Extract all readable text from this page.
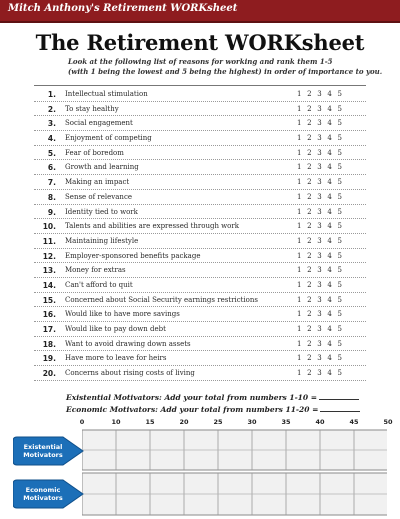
Mitch Anthony's Retirement WORKsheet
The Retirement WORKsheet
Look at the following list of reasons for working and rank them 1-5
(with 1 being the lowest and 5 being the highest) in order of importance to you.
1. Intellectual stimulation	1 2 3 4 5
2. To stay healthy	1 2 3 4 5
3. Social engagement	1 2 3 4 5
4. Enjoyment of competing	1 2 3 4 5
5. Fear of boredom	1 2 3 4 5
6. Growth and learning	1 2 3 4 5
7. Making an impact	1 2 3 4 5
8. Sense of relevance	1 2 3 4 5
9. Identity tied to work	1 2 3 4 5
10. Talents and abilities are expressed through work	1 2 3 4 5
11. Maintaining lifestyle	1 2 3 4 5
12. Employer-sponsored benefits package	1 2 3 4 5
13. Money for extras	1 2 3 4 5
14. Can't afford to quit	1 2 3 4 5
15. Concerned about Social Security earnings restrictions	1 2 3 4 5
16. Would like to have more savings	1 2 3 4 5
17. Would like to pay down debt	1 2 3 4 5
18. Want to avoid drawing down assets	1 2 3 4 5
19. Have more to leave for heirs	1 2 3 4 5
20. Concerns about rising costs of living	1 2 3 4 5
Existential Motivators: Add your total from numbers 1-10 =
Economic Motivators: Add your total from numbers 11-20 =
0	10	15	20	25	30	35	40	45	50
Existential
Motivators
Economic
Motivators
